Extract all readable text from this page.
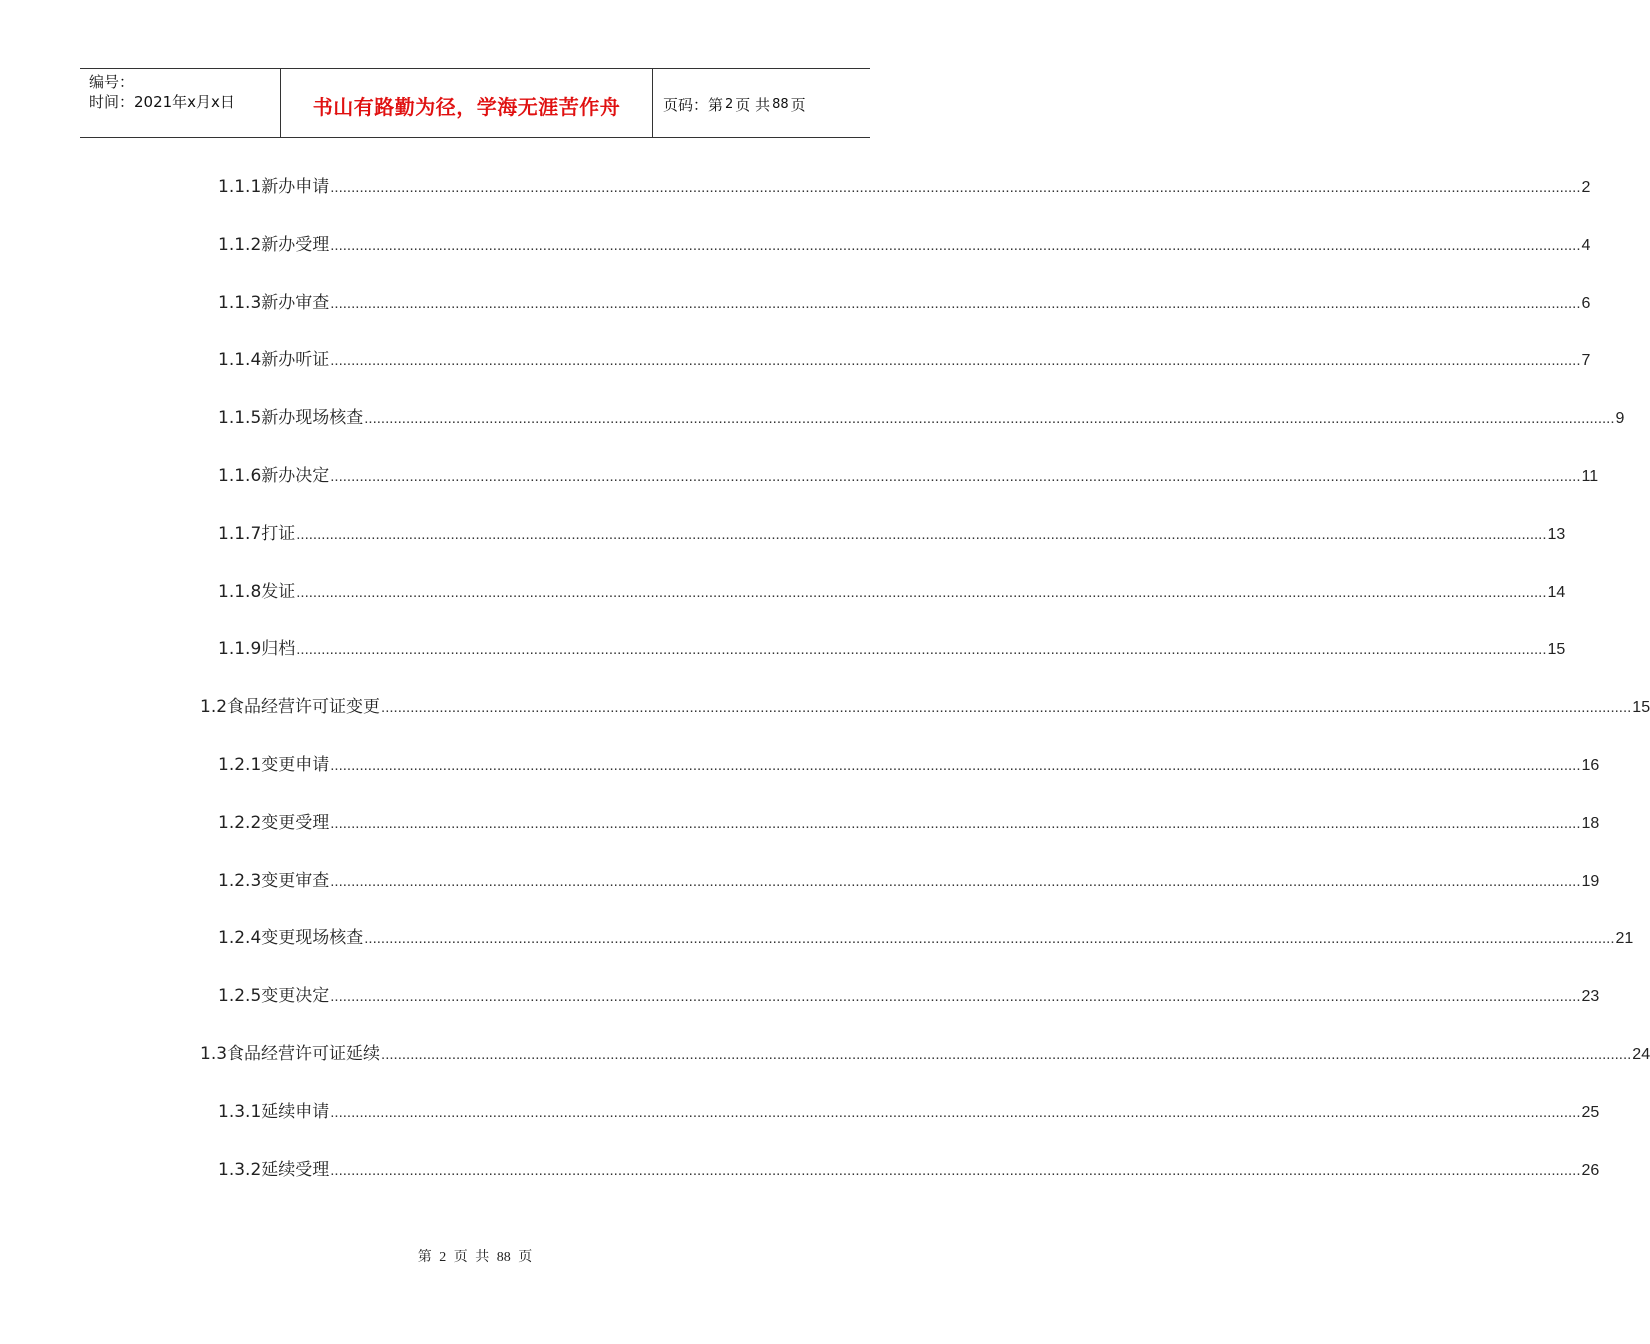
编号：
时间：2021年x月x日	书山有路勤为径，学海无涯苦作舟	页码：第 2 页 共 88 页
1.1.1 新办申请 ............................................................................................................................................................................................................................................................................................................ 2
1.1.2 新办受理 ............................................................................................................................................................................................................................................................................................................ 4
1.1.3 新办审查 ............................................................................................................................................................................................................................................................................................................ 6
1.1.4 新办听证 ............................................................................................................................................................................................................................................................................................................ 7
1.1.5 新办现场核查 ............................................................................................................................................................................................................................................................................................................ 9
1.1.6 新办决定 ............................................................................................................................................................................................................................................................................................................ 11
1.1.7 打证 ............................................................................................................................................................................................................................................................................................................ 13
1.1.8 发证 ............................................................................................................................................................................................................................................................................................................ 14
1.1.9 归档 ............................................................................................................................................................................................................................................................................................................ 15
1.2 食品经营许可证变更 ............................................................................................................................................................................................................................................................................................................ 15
1.2.1 变更申请 ............................................................................................................................................................................................................................................................................................................ 16
1.2.2 变更受理 ............................................................................................................................................................................................................................................................................................................ 18
1.2.3 变更审查 ............................................................................................................................................................................................................................................................................................................ 19
1.2.4 变更现场核查 ............................................................................................................................................................................................................................................................................................................ 21
1.2.5 变更决定 ............................................................................................................................................................................................................................................................................................................ 23
1.3 食品经营许可证延续 ............................................................................................................................................................................................................................................................................................................ 24
1.3.1 延续申请 ............................................................................................................................................................................................................................................................................................................ 25
1.3.2 延续受理 ............................................................................................................................................................................................................................................................................................................ 26
第 2 页 共 88 页
